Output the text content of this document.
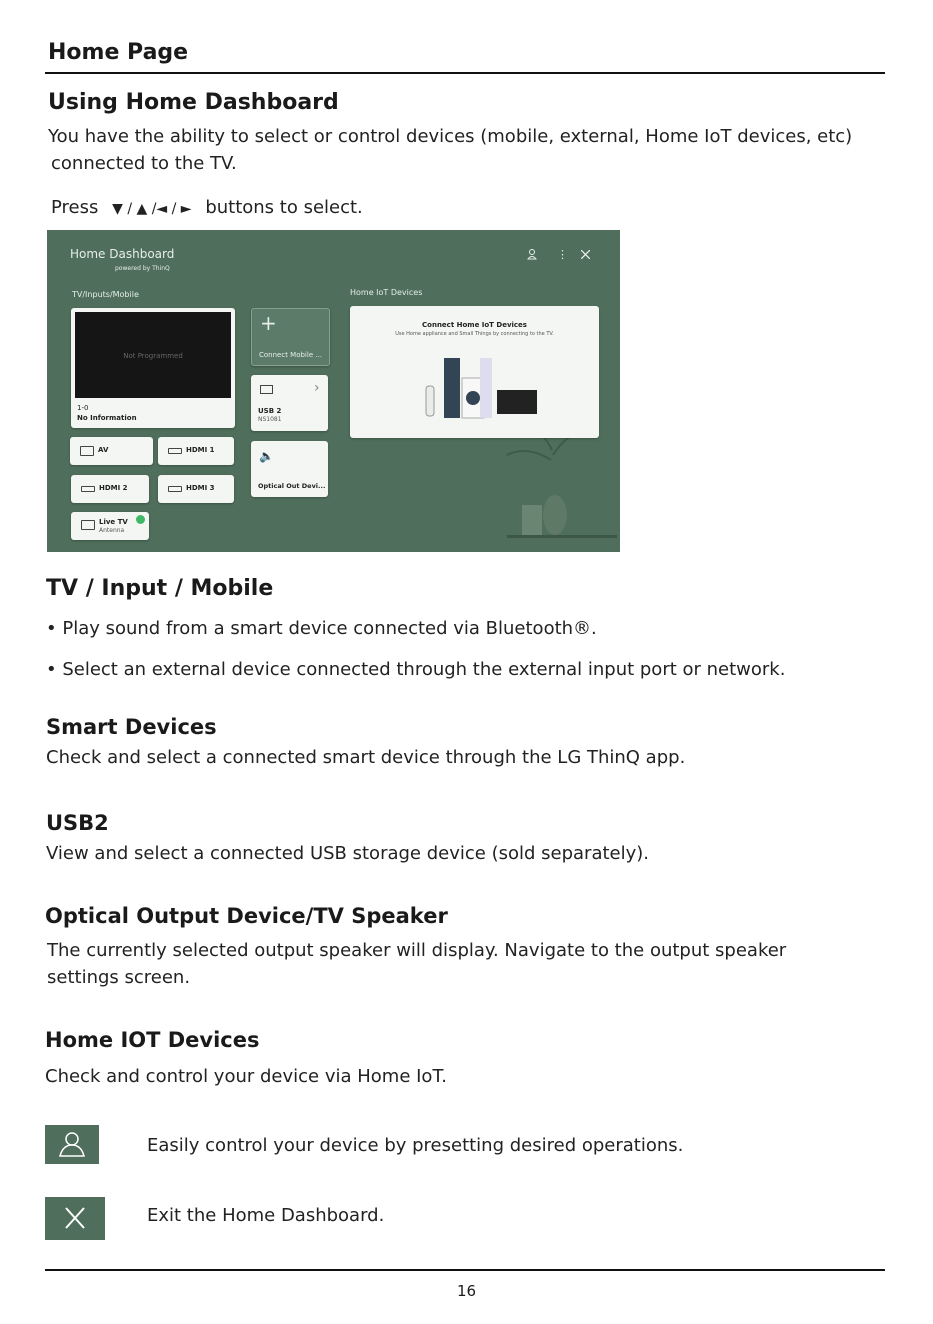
Home Page
Using Home Dashboard
You have the ability to select or control devices (mobile, external, Home IoT devices, etc)
connected to the TV.
Press ▼ / ▲ /◄ / ► buttons to select.
Home Dashboard
powered by ThinQ
⋮
TV/Inputs/Mobile	Home IoT Devices
Not Programmed
1-0
No Information
+
Connect Mobile ...
›
USB 2
NS1081
🔈
Optical Out Devi...
AV	HDMI 1
HDMI 2	HDMI 3
Live TV
Antenna
Connect Home IoT Devices
Use Home appliance and Small Things by connecting to the TV.
TV / Input / Mobile
• Play sound from a smart device connected via Bluetooth®.
• Select an external device connected through the external input port or network.
Smart Devices
Check and select a connected smart device through the LG ThinQ app.
USB2
View and select a connected USB storage device (sold separately).
Optical Output Device/TV Speaker
The currently selected output speaker will display. Navigate to the output speaker
settings screen.
Home IOT Devices
Check and control your device via Home IoT.
Easily control your device by presetting desired operations.
Exit the Home Dashboard.
16
